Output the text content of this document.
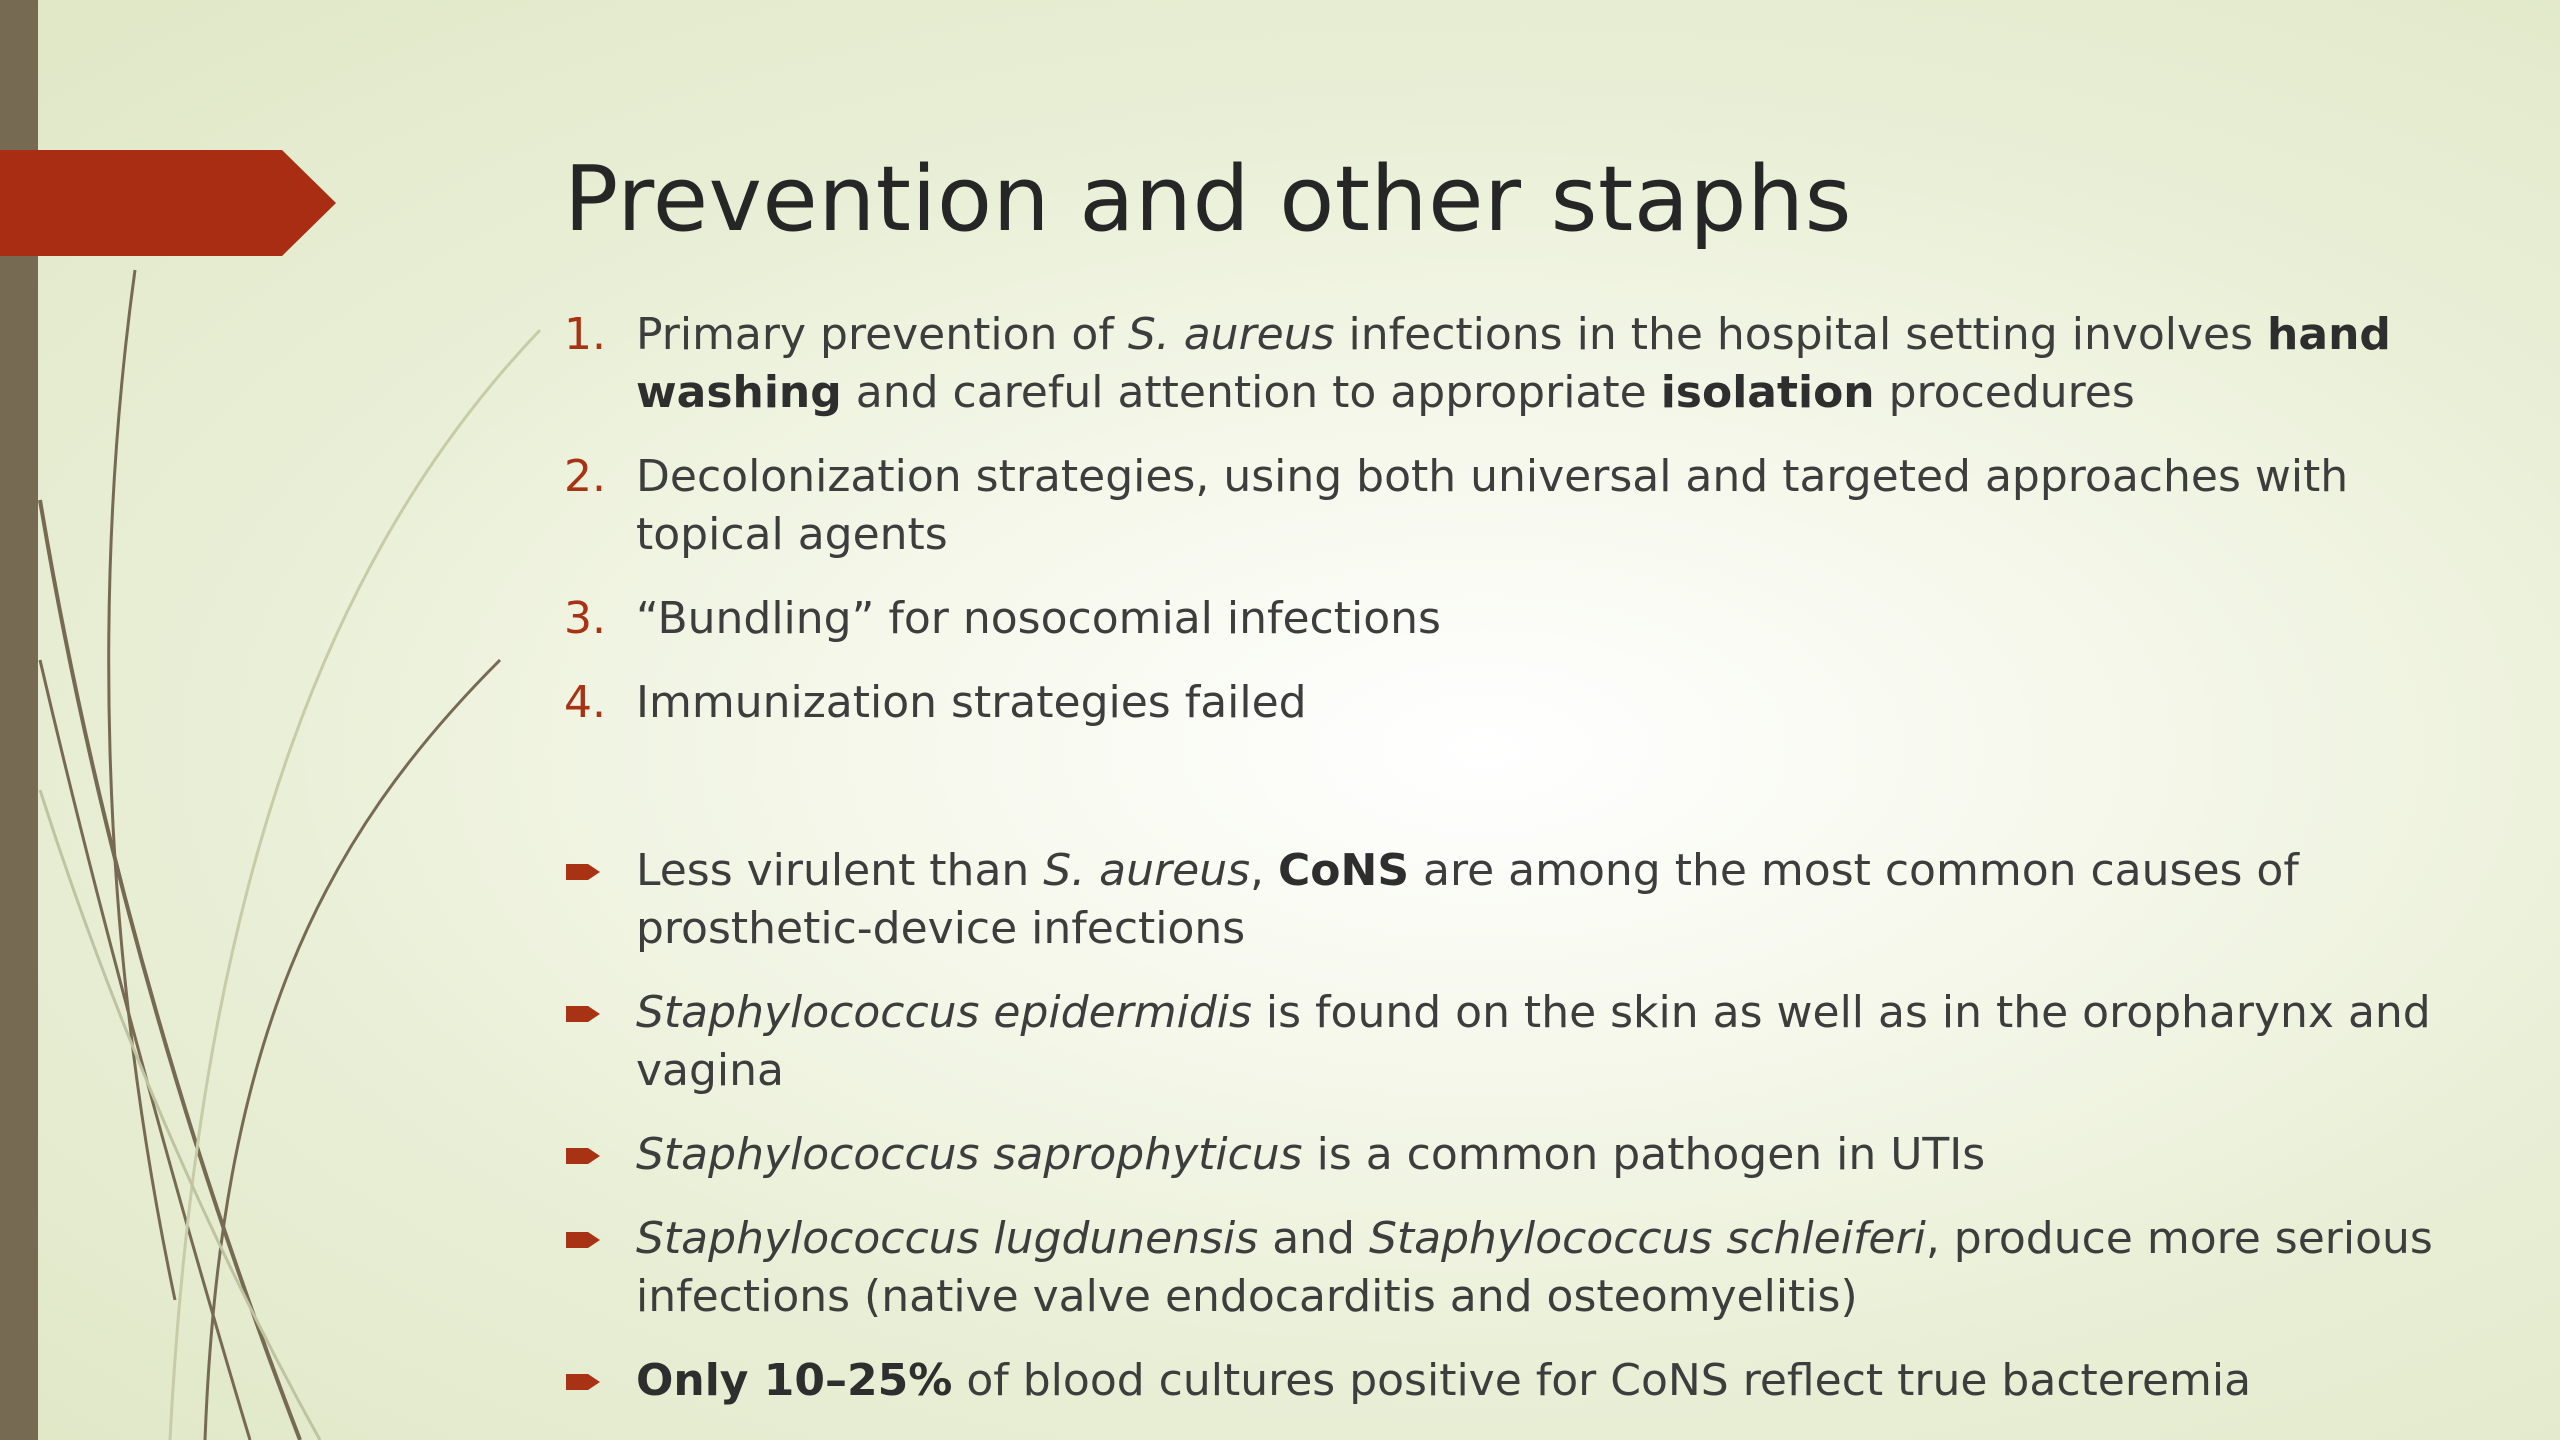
Prevention and other staphs
1. Primary prevention of S. aureus infections in the hospital setting involves hand washing and careful attention to appropriate isolation procedures
2. Decolonization strategies, using both universal and targeted approaches with topical agents
3. “Bundling” for nosocomial infections
4. Immunization strategies failed
Less virulent than S. aureus, CoNS are among the most common causes of prosthetic-device infections
Staphylococcus epidermidis is found on the skin as well as in the oropharynx and vagina
Staphylococcus saprophyticus is a common pathogen in UTIs
Staphylococcus lugdunensis and Staphylococcus schleiferi, produce more serious infections (native valve endocarditis and osteomyelitis)
Only 10–25% of blood cultures positive for CoNS reflect true bacteremia
